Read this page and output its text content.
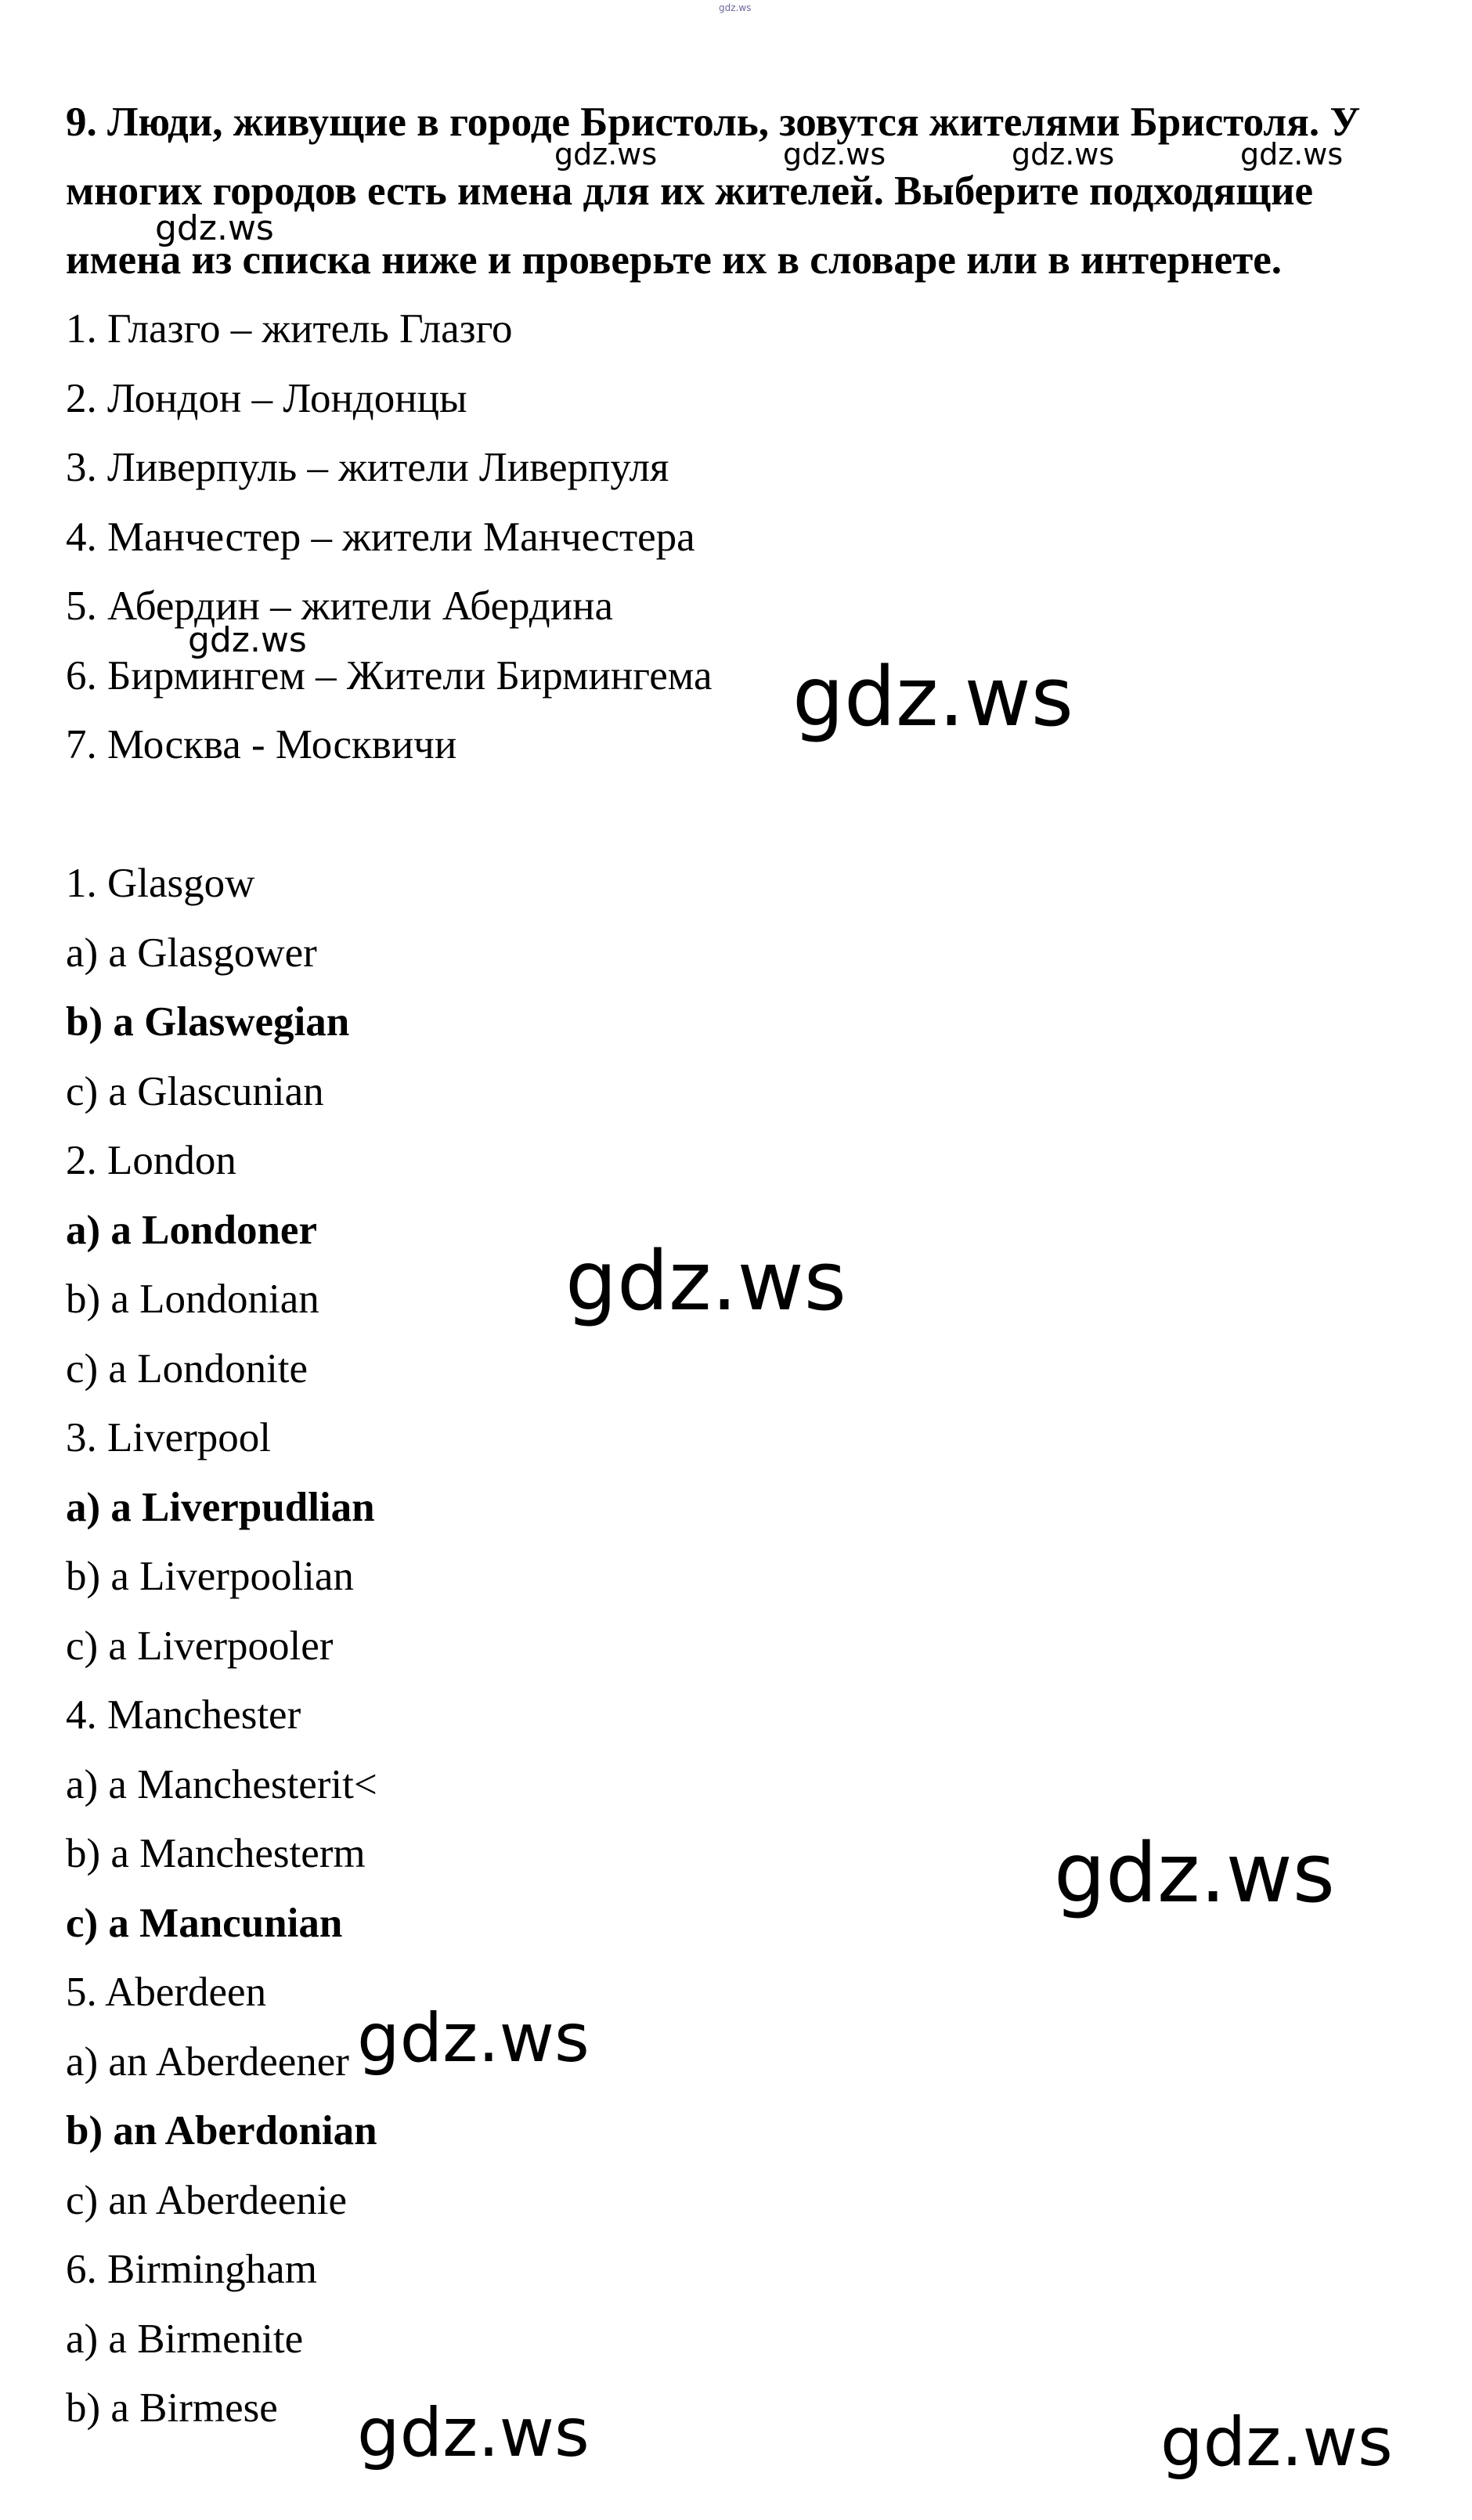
gdz.ws

9. Люди, живущие в городе Бристоль, зовутся жителями Бристоля. У многих городов есть имена для их жителей. Выберите подходящие имена из списка ниже и проверьте их в словаре или в интернете.

1. Глазго – житель Глазго
2. Лондон – Лондонцы
3. Ливерпуль – жители Ливерпуля
4. Манчестер – жители Манчестера
5. Абердин – жители Абердина
6. Бирмингем – Жители Бирмингема
7. Москва - Москвичи
1. Glasgow
a) a Glasgower
b) a Glaswegian
c) a Glascunian
2. London
a) a Londoner
b) a Londonian
c) a Londonite
3. Liverpool
a) a Liverpudlian
b) a Liverpoolian
c) a Liverpooler
4. Manchester
a) a Manchesterit<
b) a Manchesterm
c) a Mancunian
5. Aberdeen
a) an Aberdeener
b) an Aberdonian
c) an Aberdeenie
6. Birmingham
a) a Birmenite
b) a Birmese
gdz.ws	gdz.ws	gdz.ws	gdz.ws
gdz.ws
gdz.ws
gdz.ws
gdz.ws
gdz.ws
gdz.ws
gdz.ws	gdz.ws
